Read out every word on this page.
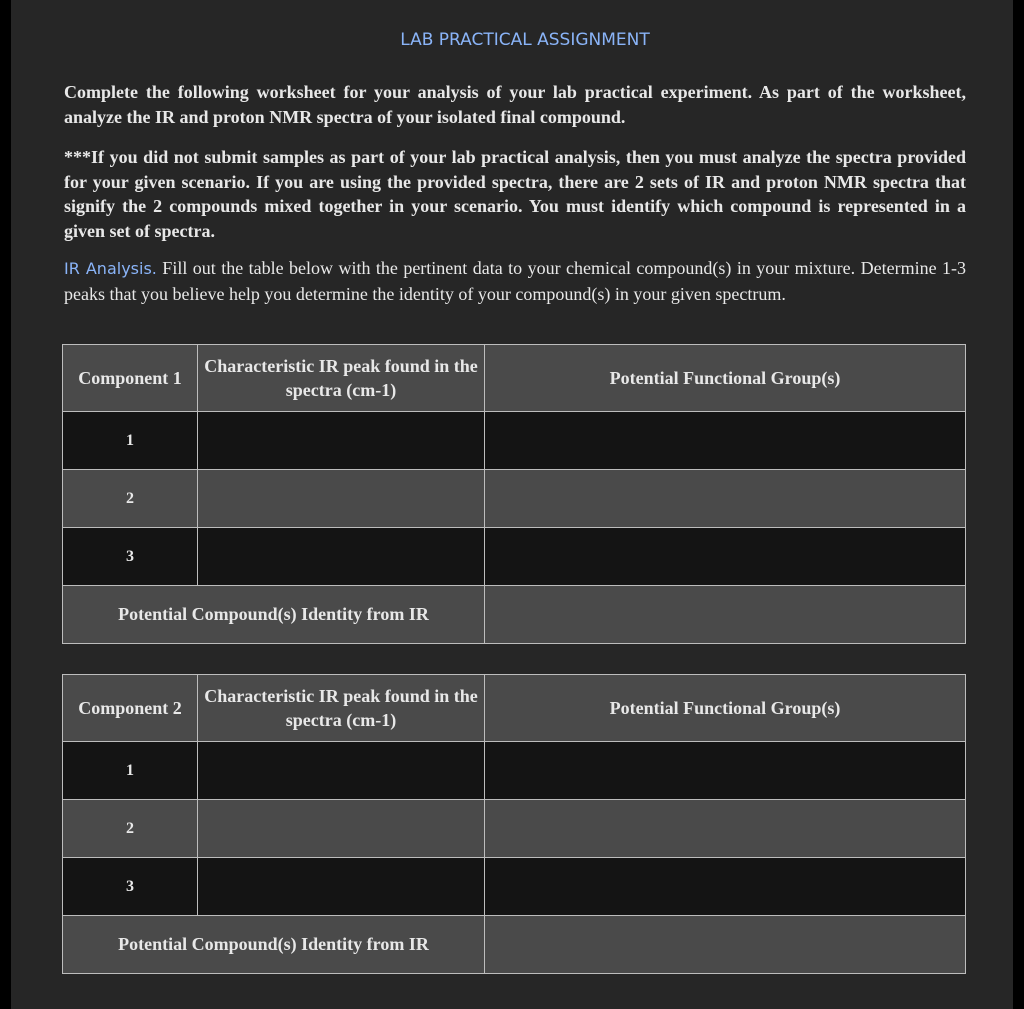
LAB PRACTICAL ASSIGNMENT
Complete the following worksheet for your analysis of your lab practical experiment. As part of the worksheet, analyze the IR and proton NMR spectra of your isolated final compound.
***If you did not submit samples as part of your lab practical analysis, then you must analyze the spectra provided for your given scenario. If you are using the provided spectra, there are 2 sets of IR and proton NMR spectra that signify the 2 compounds mixed together in your scenario. You must identify which compound is represented in a given set of spectra.
IR Analysis. Fill out the table below with the pertinent data to your chemical compound(s) in your mixture. Determine 1-3 peaks that you believe help you determine the identity of your compound(s) in your given spectrum.
Component 1	Characteristic IR peak found in the spectra (cm-1)	Potential Functional Group(s)
1		
2		
3		
Potential Compound(s) Identity from IR		
Component 2	Characteristic IR peak found in the spectra (cm-1)	Potential Functional Group(s)
1		
2		
3		
Potential Compound(s) Identity from IR		
